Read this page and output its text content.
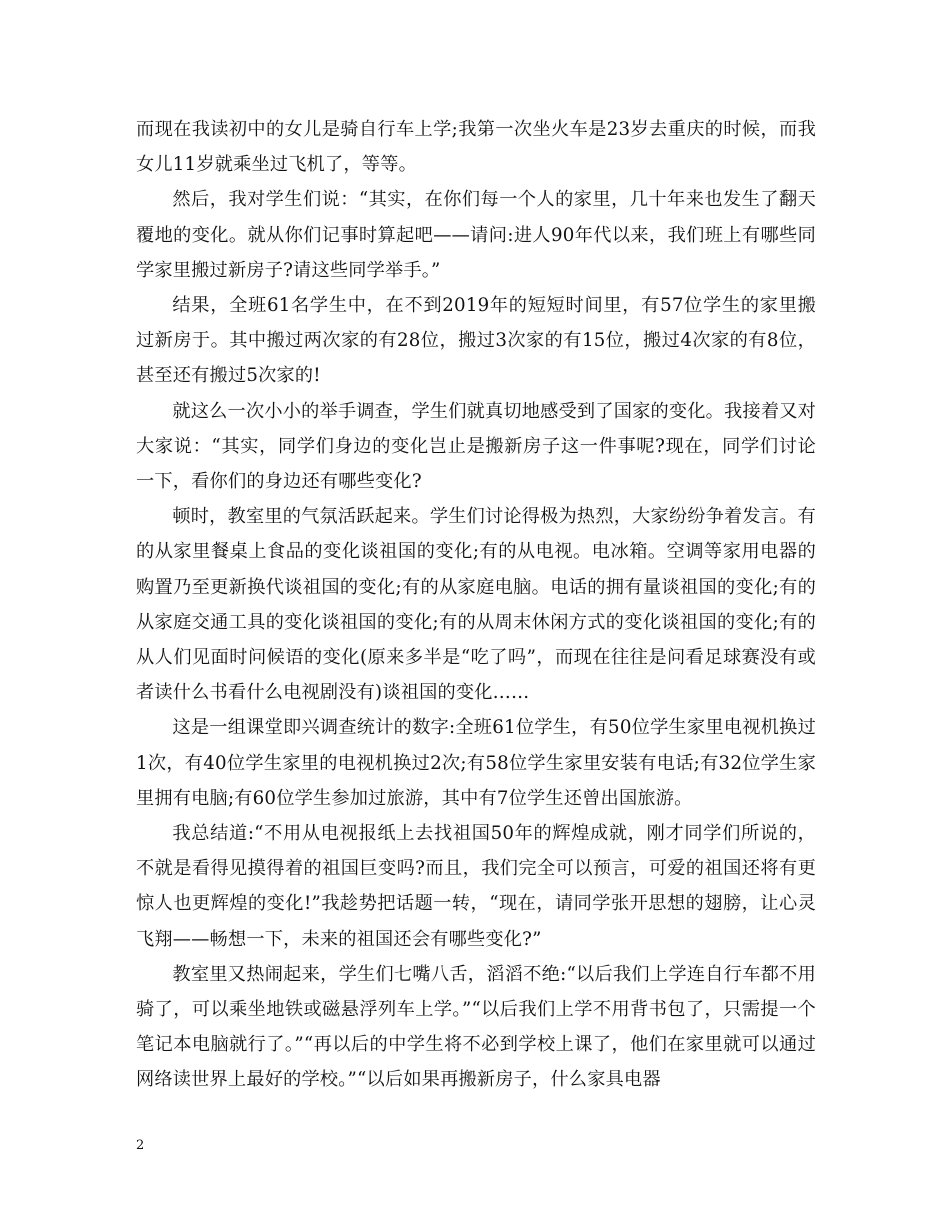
而现在我读初中的女儿是骑自行车上学;我第一次坐火车是23岁去重庆的时候，而我女儿11岁就乘坐过飞机了，等等。

然后，我对学生们说：“其实，在你们每一个人的家里，几十年来也发生了翻天覆地的变化。就从你们记事时算起吧——请问:进人90年代以来，我们班上有哪些同学家里搬过新房子?请这些同学举手。”

结果，全班61名学生中，在不到2019年的短短时间里，有57位学生的家里搬过新房于。其中搬过两次家的有28位，搬过3次家的有15位，搬过4次家的有8位，甚至还有搬过5次家的!

就这么一次小小的举手调查，学生们就真切地感受到了国家的变化。我接着又对大家说：“其实，同学们身边的变化岂止是搬新房子这一件事呢?现在，同学们讨论一下，看你们的身边还有哪些变化?

顿时，教室里的气氛活跃起来。学生们讨论得极为热烈，大家纷纷争着发言。有的从家里餐桌上食品的变化谈祖国的变化;有的从电视。电冰箱。空调等家用电器的购置乃至更新换代谈祖国的变化;有的从家庭电脑。电话的拥有量谈祖国的变化;有的从家庭交通工具的变化谈祖国的变化;有的从周末休闲方式的变化谈祖国的变化;有的从人们见面时问候语的变化(原来多半是“吃了吗”，而现在往往是问看足球赛没有或者读什么书看什么电视剧没有)谈祖国的变化……

这是一组课堂即兴调查统计的数字:全班61位学生，有50位学生家里电视机换过1次，有40位学生家里的电视机换过2次;有58位学生家里安装有电话;有32位学生家里拥有电脑;有60位学生参加过旅游，其中有7位学生还曾出国旅游。

我总结道:“不用从电视报纸上去找祖国50年的辉煌成就，刚才同学们所说的，不就是看得见摸得着的祖国巨变吗?而且，我们完全可以预言，可爱的祖国还将有更惊人也更辉煌的变化!”我趁势把话题一转，“现在，请同学张开思想的翅膀，让心灵飞翔——畅想一下，未来的祖国还会有哪些变化?”

教室里又热闹起来，学生们七嘴八舌，滔滔不绝:“以后我们上学连自行车都不用骑了，可以乘坐地铁或磁悬浮列车上学。”“以后我们上学不用背书包了，只需提一个笔记本电脑就行了。”“再以后的中学生将不必到学校上课了，他们在家里就可以通过网络读世界上最好的学校。”“以后如果再搬新房子，什么家具电器

2
